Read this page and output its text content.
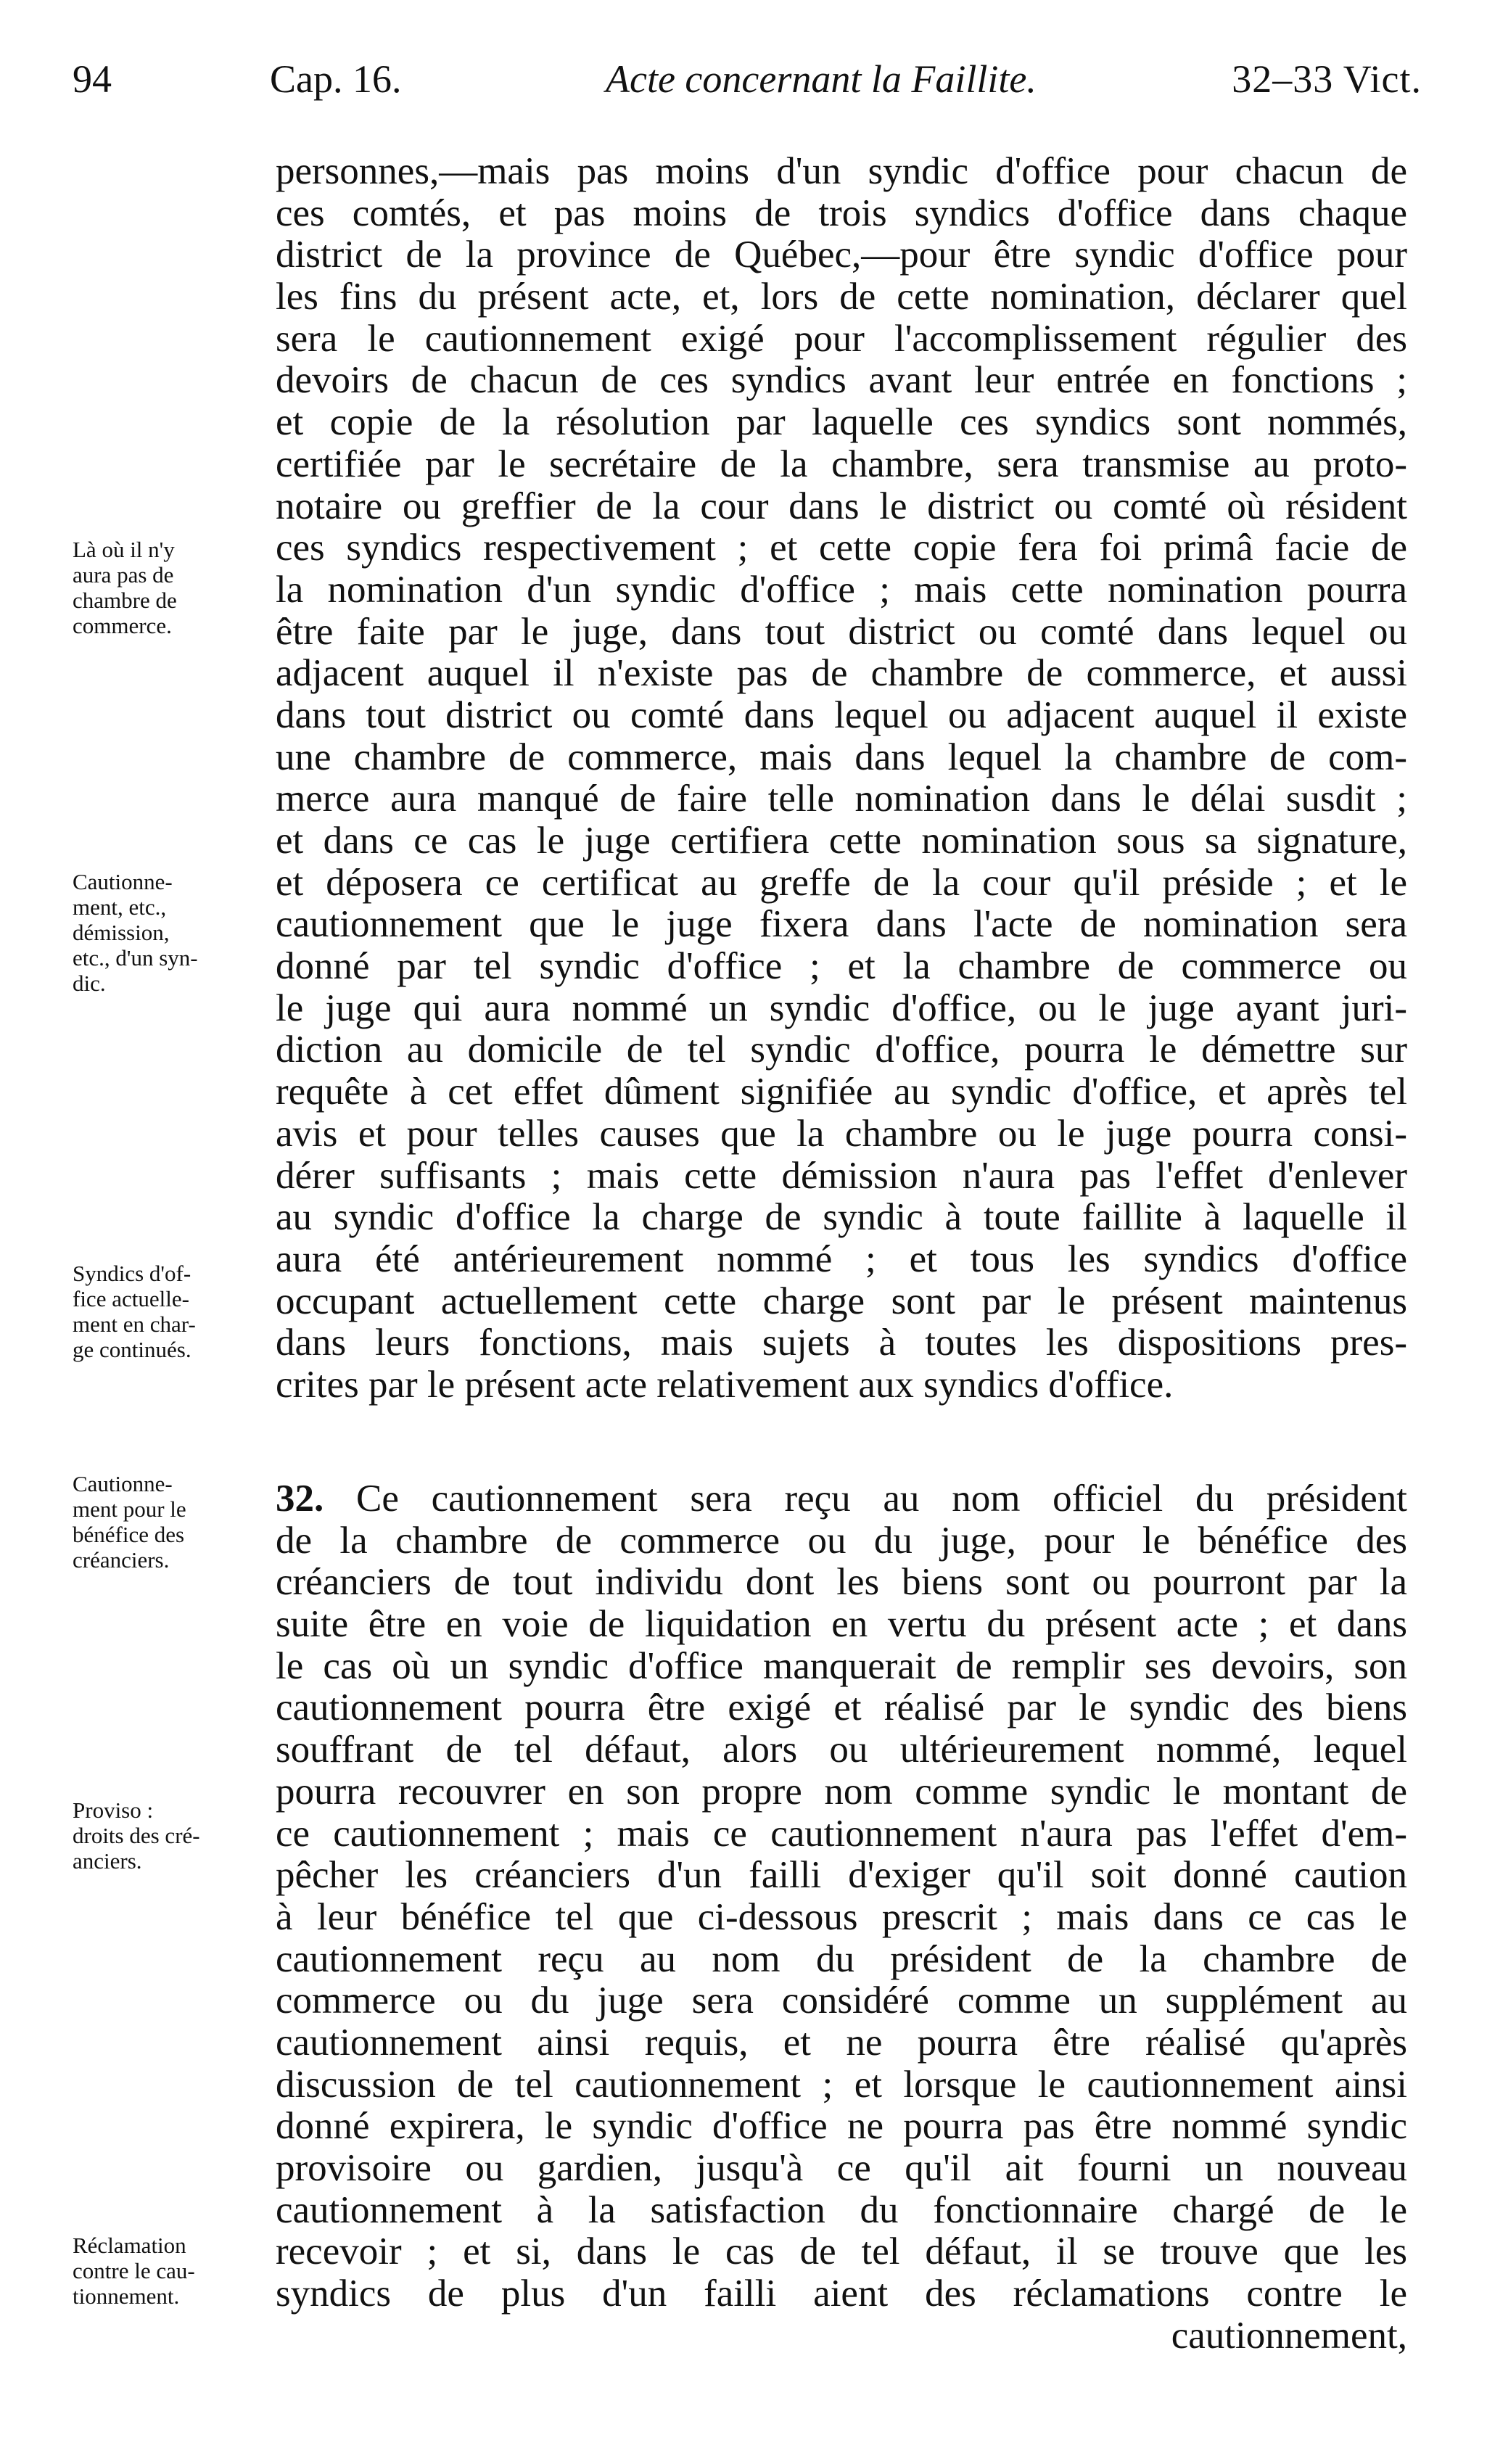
94	Cap. 16.	Acte concernant la Faillite.	32–33 Vict.
Là où il n'y
aura pas de
chambre de
commerce.
Cautionne-
ment, etc.,
démission,
etc., d'un syn-
dic.
Syndics d'of-
fice actuelle-
ment en char-
ge continués.
Cautionne-
ment pour le
bénéfice des
créanciers.
Proviso :
droits des cré-
anciers.
Réclamation
contre le cau-
tionnement.
personnes,—mais pas moins d'un syndic d'office pour chacun de
ces comtés, et pas moins de trois syndics d'office dans chaque
district de la province de Québec,—pour être syndic d'office pour
les fins du présent acte, et, lors de cette nomination, déclarer quel
sera le cautionnement exigé pour l'accomplissement régulier des
devoirs de chacun de ces syndics avant leur entrée en fonctions ;
et copie de la résolution par laquelle ces syndics sont nommés,
certifiée par le secrétaire de la chambre, sera transmise au proto-
notaire ou greffier de la cour dans le district ou comté où résident
ces syndics respectivement ; et cette copie fera foi primâ facie de
la nomination d'un syndic d'office ; mais cette nomination pourra
être faite par le juge, dans tout district ou comté dans lequel ou
adjacent auquel il n'existe pas de chambre de commerce, et aussi
dans tout district ou comté dans lequel ou adjacent auquel il existe
une chambre de commerce, mais dans lequel la chambre de com-
merce aura manqué de faire telle nomination dans le délai susdit ;
et dans ce cas le juge certifiera cette nomination sous sa signature,
et déposera ce certificat au greffe de la cour qu'il préside ; et le
cautionnement que le juge fixera dans l'acte de nomination sera
donné par tel syndic d'office ; et la chambre de commerce ou
le juge qui aura nommé un syndic d'office, ou le juge ayant juri-
diction au domicile de tel syndic d'office, pourra le démettre sur
requête à cet effet dûment signifiée au syndic d'office, et après tel
avis et pour telles causes que la chambre ou le juge pourra consi-
dérer suffisants ; mais cette démission n'aura pas l'effet d'enlever
au syndic d'office la charge de syndic à toute faillite à laquelle il
aura été antérieurement nommé ; et tous les syndics d'office
occupant actuellement cette charge sont par le présent maintenus
dans leurs fonctions, mais sujets à toutes les dispositions pres-
crites par le présent acte relativement aux syndics d'office.
32. Ce cautionnement sera reçu au nom officiel du président
de la chambre de commerce ou du juge, pour le bénéfice des
créanciers de tout individu dont les biens sont ou pourront par la
suite être en voie de liquidation en vertu du présent acte ; et dans
le cas où un syndic d'office manquerait de remplir ses devoirs, son
cautionnement pourra être exigé et réalisé par le syndic des biens
souffrant de tel défaut, alors ou ultérieurement nommé, lequel
pourra recouvrer en son propre nom comme syndic le montant de
ce cautionnement ; mais ce cautionnement n'aura pas l'effet d'em-
pêcher les créanciers d'un failli d'exiger qu'il soit donné caution
à leur bénéfice tel que ci-dessous prescrit ; mais dans ce cas le
cautionnement reçu au nom du président de la chambre de
commerce ou du juge sera considéré comme un supplément au
cautionnement ainsi requis, et ne pourra être réalisé qu'après
discussion de tel cautionnement ; et lorsque le cautionnement ainsi
donné expirera, le syndic d'office ne pourra pas être nommé syndic
provisoire ou gardien, jusqu'à ce qu'il ait fourni un nouveau
cautionnement à la satisfaction du fonctionnaire chargé de le
recevoir ; et si, dans le cas de tel défaut, il se trouve que les
syndics de plus d'un failli aient des réclamations contre le
cautionnement,
